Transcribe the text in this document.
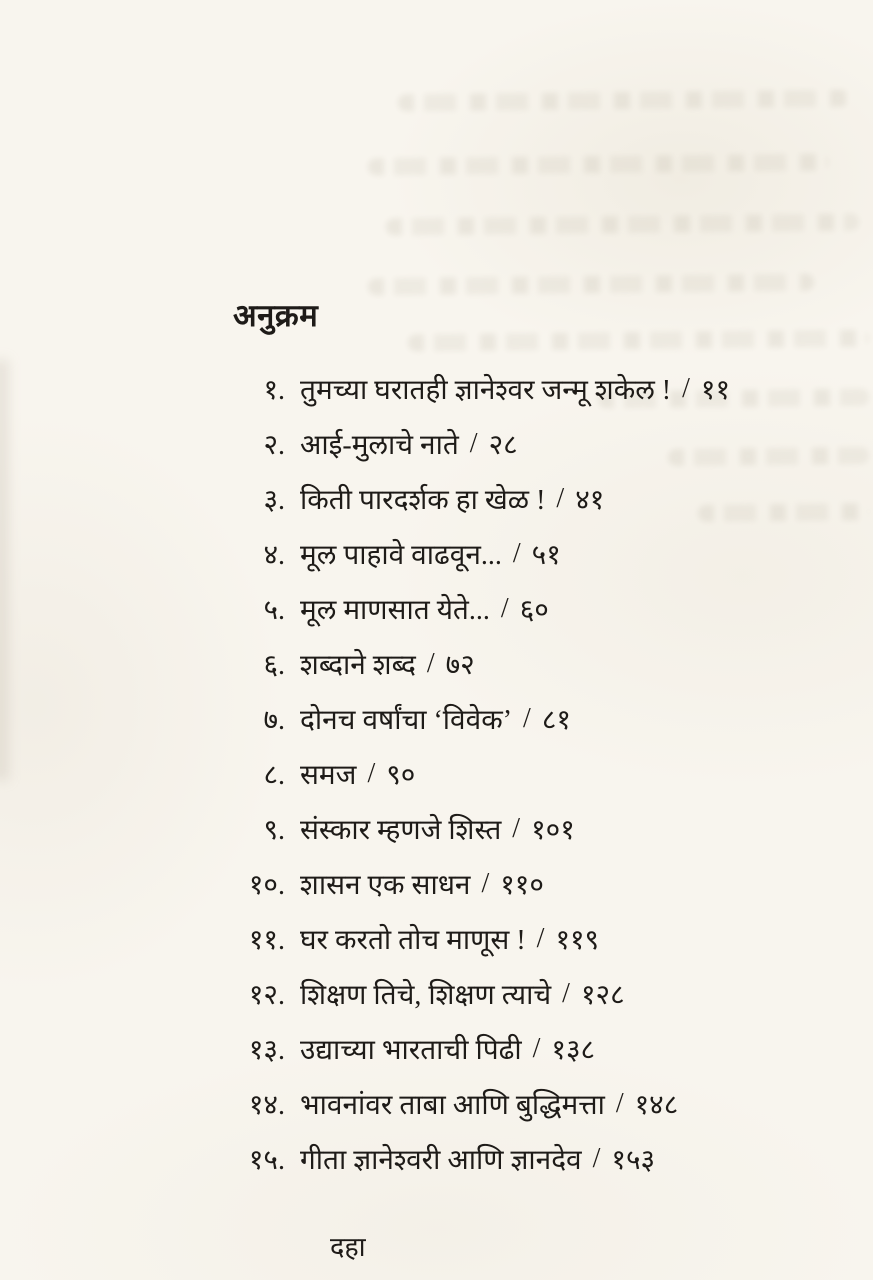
अनुक्रम
१. तुमच्या घरातही ज्ञानेश्वर जन्मू शकेल ! / ११
२. आई-मुलाचे नाते / २८
३. किती पारदर्शक हा खेळ ! / ४१
४. मूल पाहावे वाढवून... / ५१
५. मूल माणसात येते... / ६०
६. शब्दाने शब्द / ७२
७. दोनच वर्षांचा ‘विवेक’ / ८१
८. समज / ९०
९. संस्कार म्हणजे शिस्त / १०१
१०. शासन एक साधन / ११०
११. घर करतो तोच माणूस ! / ११९
१२. शिक्षण तिचे, शिक्षण त्याचे / १२८
१३. उद्याच्या भारताची पिढी / १३८
१४. भावनांवर ताबा आणि बुद्धिमत्ता / १४८
१५. गीता ज्ञानेश्वरी आणि ज्ञानदेव / १५३
दहा
